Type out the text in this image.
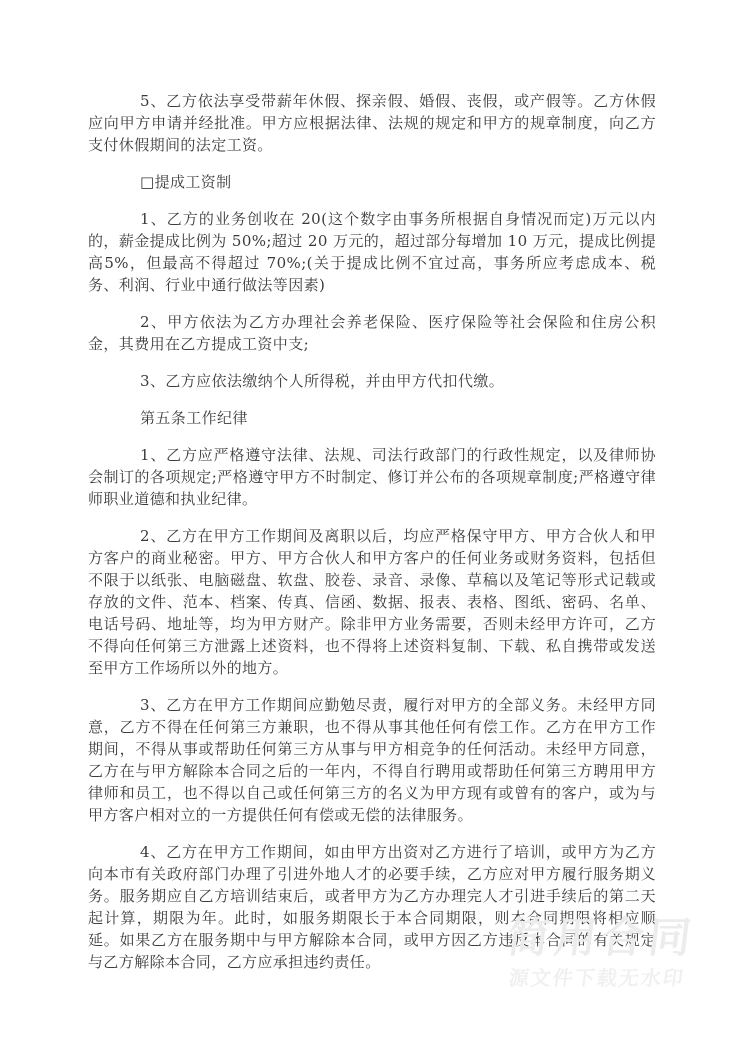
5、乙方依法享受带薪年休假、探亲假、婚假、丧假，或产假等。乙方休假应向甲方申请并经批准。甲方应根据法律、法规的规定和甲方的规章制度，向乙方支付休假期间的法定工资。

□提成工资制

1、乙方的业务创收在 20(这个数字由事务所根据自身情况而定)万元以内的，薪金提成比例为 50%;超过 20 万元的，超过部分每增加 10 万元，提成比例提高5%，但最高不得超过 70%;(关于提成比例不宜过高，事务所应考虑成本、税务、利润、行业中通行做法等因素)

2、甲方依法为乙方办理社会养老保险、医疗保险等社会保险和住房公积金，其费用在乙方提成工资中支;

3、乙方应依法缴纳个人所得税，并由甲方代扣代缴。

第五条工作纪律

1、乙方应严格遵守法律、法规、司法行政部门的行政性规定，以及律师协会制订的各项规定;严格遵守甲方不时制定、修订并公布的各项规章制度;严格遵守律师职业道德和执业纪律。

2、乙方在甲方工作期间及离职以后，均应严格保守甲方、甲方合伙人和甲方客户的商业秘密。甲方、甲方合伙人和甲方客户的任何业务或财务资料，包括但不限于以纸张、电脑磁盘、软盘、胶卷、录音、录像、草稿以及笔记等形式记载或存放的文件、范本、档案、传真、信函、数据、报表、表格、图纸、密码、名单、电话号码、地址等，均为甲方财产。除非甲方业务需要，否则未经甲方许可，乙方不得向任何第三方泄露上述资料，也不得将上述资料复制、下载、私自携带或发送至甲方工作场所以外的地方。

3、乙方在甲方工作期间应勤勉尽责，履行对甲方的全部义务。未经甲方同意，乙方不得在任何第三方兼职，也不得从事其他任何有偿工作。乙方在甲方工作期间，不得从事或帮助任何第三方从事与甲方相竞争的任何活动。未经甲方同意，乙方在与甲方解除本合同之后的一年内，不得自行聘用或帮助任何第三方聘用甲方律师和员工，也不得以自己或任何第三方的名义为甲方现有或曾有的客户，或为与甲方客户相对立的一方提供任何有偿或无偿的法律服务。

4、乙方在甲方工作期间，如由甲方出资对乙方进行了培训，或甲方为乙方向本市有关政府部门办理了引进外地人才的必要手续，乙方应对甲方履行服务期义务。服务期应自乙方培训结束后，或者甲方为乙方办理完人才引进手续后的第二天起计算，期限为年。此时，如服务期限长于本合同期限，则本合同期限将相应顺延。如果乙方在服务期中与甲方解除本合同，或甲方因乙方违反本合同的有关规定与乙方解除本合同，乙方应承担违约责任。	简用合同
源文件下载无水印
